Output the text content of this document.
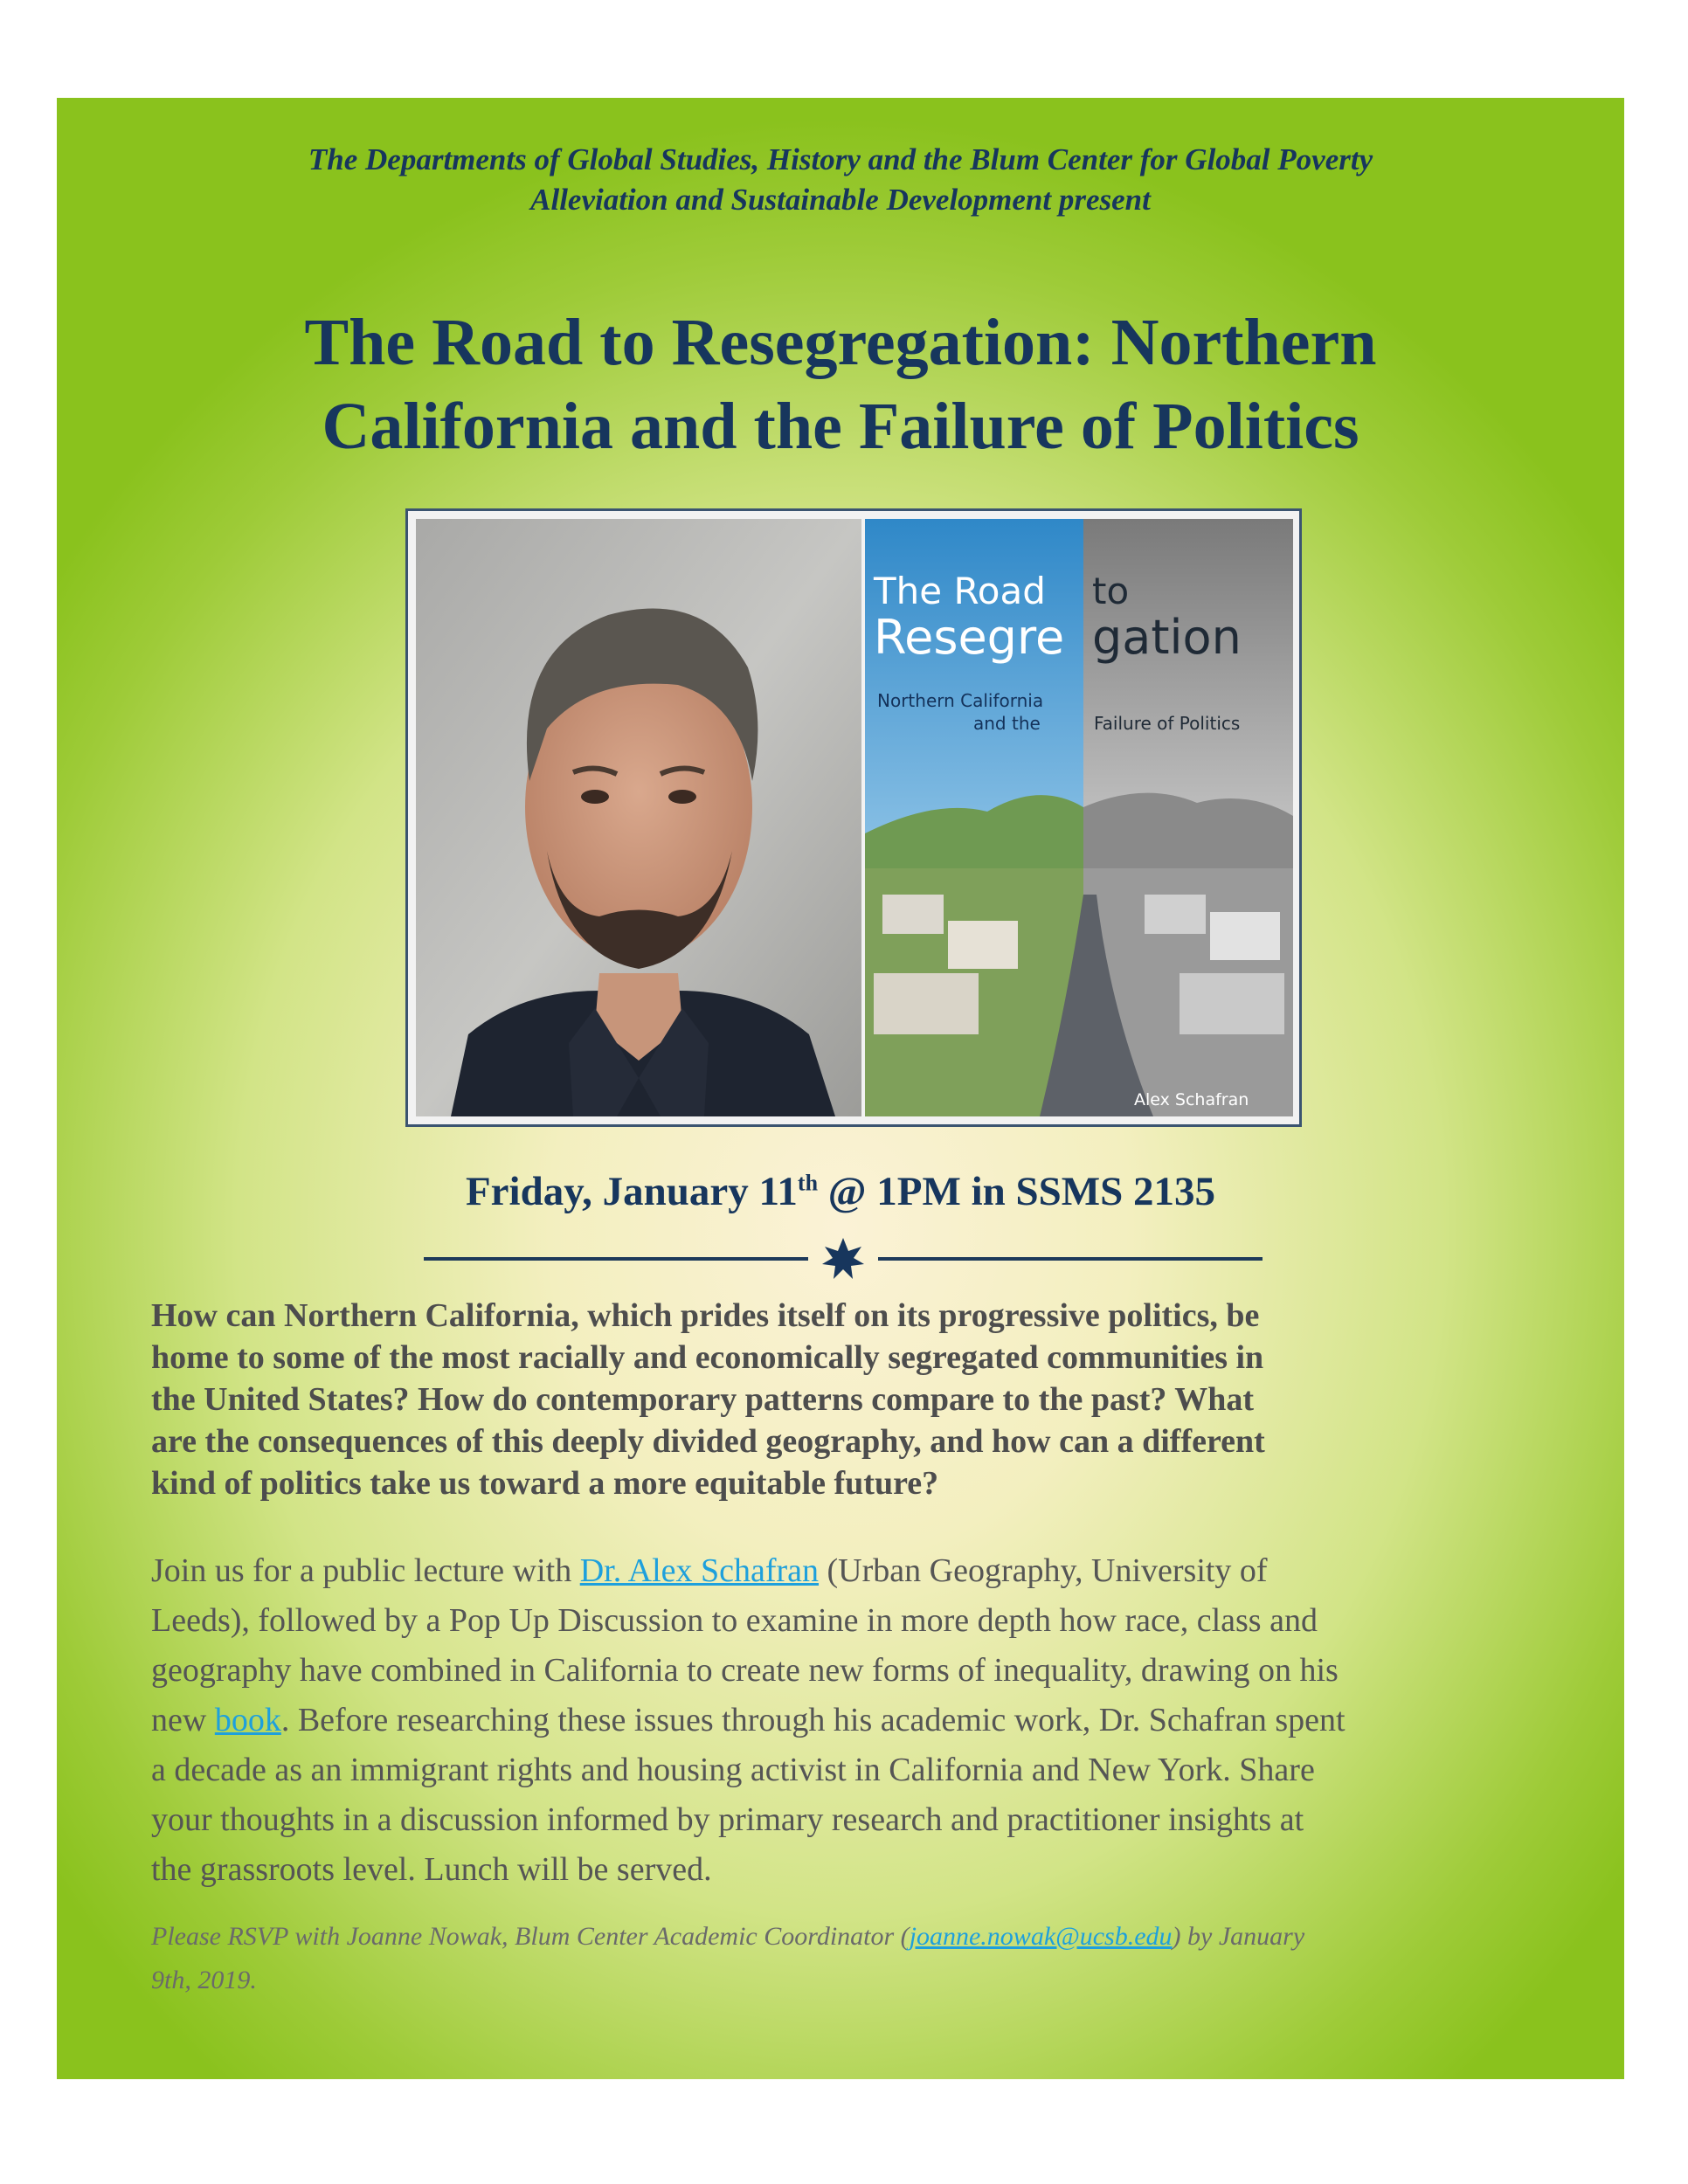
The Departments of Global Studies, History and the Blum Center for Global Poverty
Alleviation and Sustainable Development present
The Road to Resegregation: Northern
California and the Failure of Politics
The Road to
Resegre gation
Northern California
and the	Failure of Politics
Alex Schafran
Friday, January 11th @ 1PM in SSMS 2135
How can Northern California, which prides itself on its progressive politics, be
home to some of the most racially and economically segregated communities in
the United States? How do contemporary patterns compare to the past? What
are the consequences of this deeply divided geography, and how can a different
kind of politics take us toward a more equitable future?
Join us for a public lecture with Dr. Alex Schafran (Urban Geography, University of
Leeds), followed by a Pop Up Discussion to examine in more depth how race, class and
geography have combined in California to create new forms of inequality, drawing on his
new book. Before researching these issues through his academic work, Dr. Schafran spent
a decade as an immigrant rights and housing activist in California and New York. Share
your thoughts in a discussion informed by primary research and practitioner insights at
the grassroots level. Lunch will be served.
Please RSVP with Joanne Nowak, Blum Center Academic Coordinator (joanne.nowak@ucsb.edu) by January
9th, 2019.
